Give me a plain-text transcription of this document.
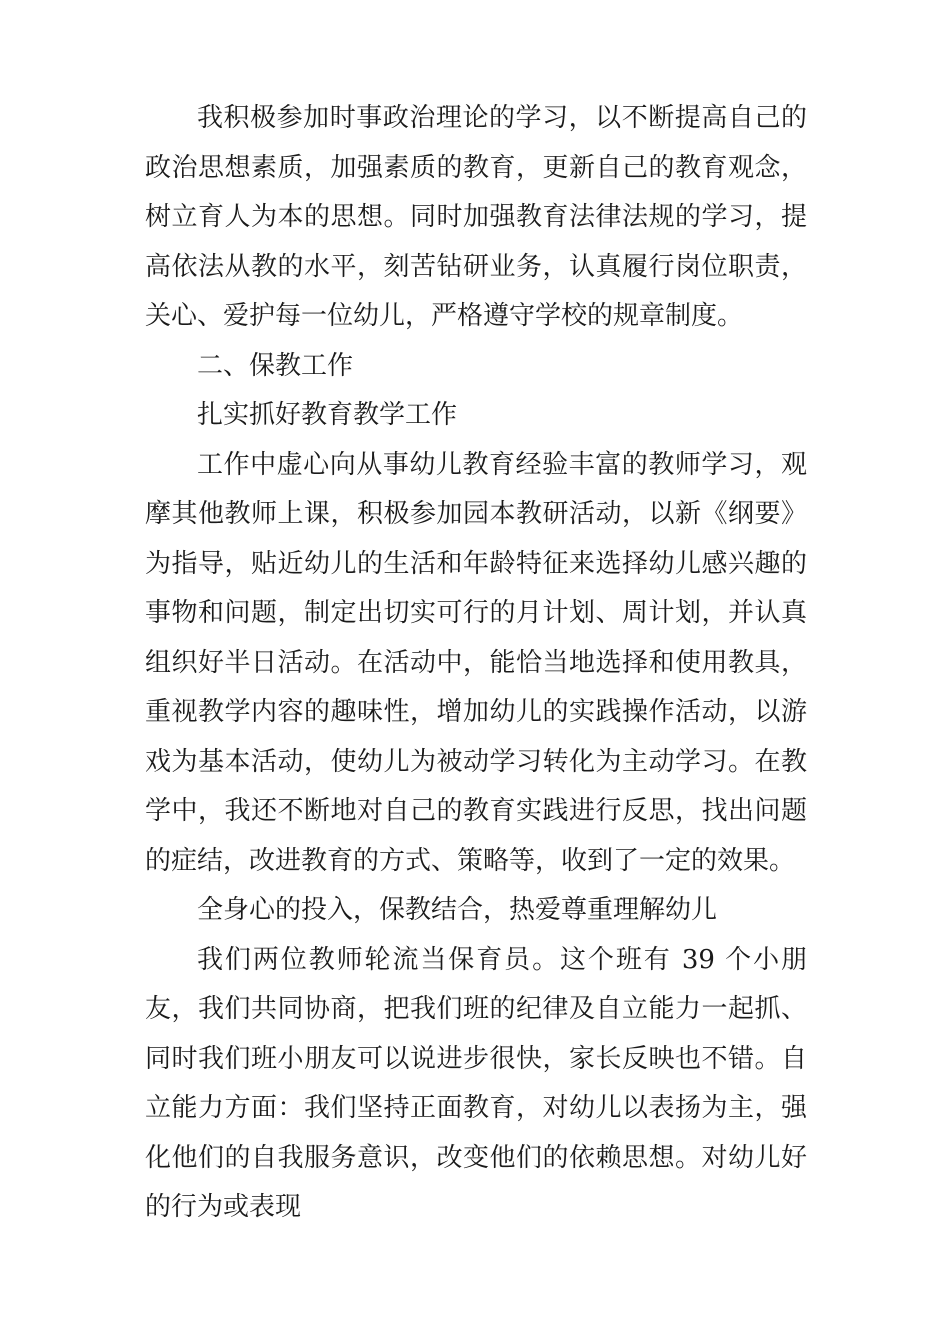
我积极参加时事政治理论的学习，以不断提高自己的政治思想素质，加强素质的教育，更新自己的教育观念，树立育人为本的思想。同时加强教育法律法规的学习，提高依法从教的水平，刻苦钻研业务，认真履行岗位职责，关心、爱护每一位幼儿，严格遵守学校的规章制度。

二、保教工作

扎实抓好教育教学工作

工作中虚心向从事幼儿教育经验丰富的教师学习，观摩其他教师上课，积极参加园本教研活动，以新《纲要》为指导，贴近幼儿的生活和年龄特征来选择幼儿感兴趣的事物和问题，制定出切实可行的月计划、周计划，并认真组织好半日活动。在活动中，能恰当地选择和使用教具，重视教学内容的趣味性，增加幼儿的实践操作活动，以游戏为基本活动，使幼儿为被动学习转化为主动学习。在教学中，我还不断地对自己的教育实践进行反思，找出问题的症结，改进教育的方式、策略等，收到了一定的效果。

全身心的投入，保教结合，热爱尊重理解幼儿

我们两位教师轮流当保育员。这个班有 39 个小朋友，我们共同协商，把我们班的纪律及自立能力一起抓、同时我们班小朋友可以说进步很快，家长反映也不错。自立能力方面：我们坚持正面教育，对幼儿以表扬为主，强化他们的自我服务意识，改变他们的依赖思想。对幼儿好的行为或表现
